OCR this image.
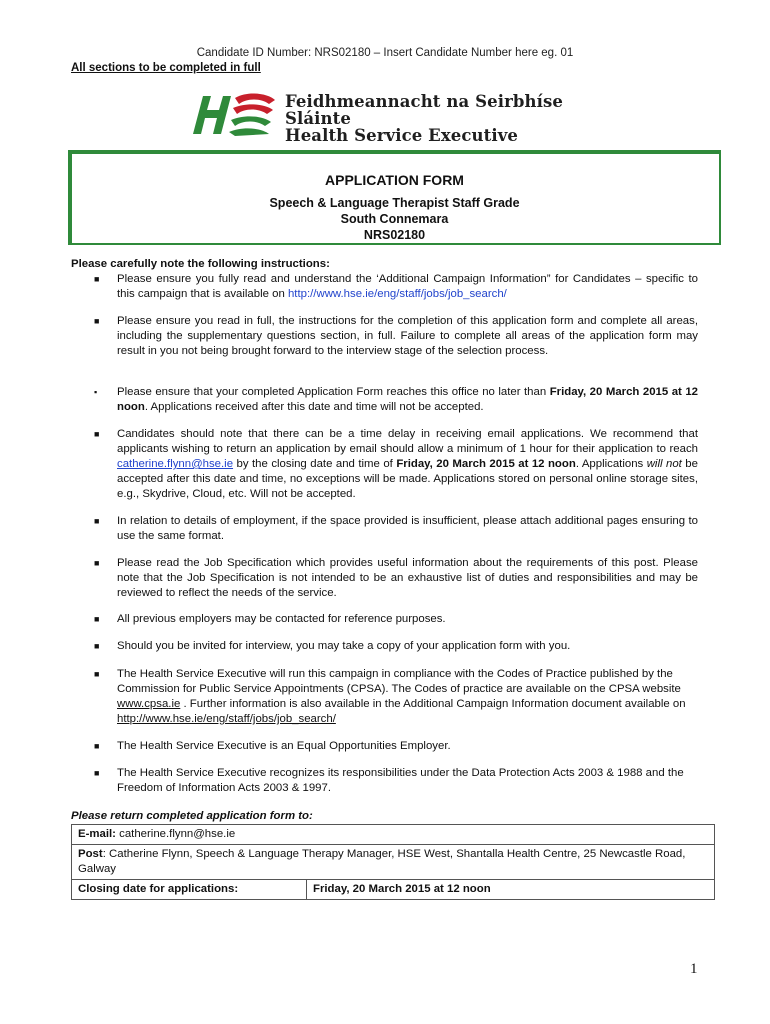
Candidate ID Number: NRS02180 – Insert Candidate Number here eg. 01
All sections to be completed in full
Feidhmeannacht na Seirbhíse Sláinte
Health Service Executive
APPLICATION FORM
Speech & Language Therapist Staff Grade
South Connemara
NRS02180
Please carefully note the following instructions:
■ Please ensure you fully read and understand the ‘Additional Campaign Information” for Candidates – specific to this campaign that is available on http://www.hse.ie/eng/staff/jobs/job_search/
■ Please ensure you read in full, the instructions for the completion of this application form and complete all areas, including the supplementary questions section, in full. Failure to complete all areas of the application form may result in you not being brought forward to the interview stage of the selection process.
▪ Please ensure that your completed Application Form reaches this office no later than Friday, 20 March 2015 at 12 noon. Applications received after this date and time will not be accepted.
■ Candidates should note that there can be a time delay in receiving email applications. We recommend that applicants wishing to return an application by email should allow a minimum of 1 hour for their application to reach catherine.flynn@hse.ie by the closing date and time of Friday, 20 March 2015 at 12 noon. Applications will not be accepted after this date and time, no exceptions will be made. Applications stored on personal online storage sites, e.g., Skydrive, Cloud, etc. Will not be accepted.
■ In relation to details of employment, if the space provided is insufficient, please attach additional pages ensuring to use the same format.
■ Please read the Job Specification which provides useful information about the requirements of this post. Please note that the Job Specification is not intended to be an exhaustive list of duties and responsibilities and may be reviewed to reflect the needs of the service.
■ All previous employers may be contacted for reference purposes.
■ Should you be invited for interview, you may take a copy of your application form with you.
■ The Health Service Executive will run this campaign in compliance with the Codes of Practice published by the Commission for Public Service Appointments (CPSA). The Codes of practice are available on the CPSA website www.cpsa.ie . Further information is also available in the Additional Campaign Information document available on http://www.hse.ie/eng/staff/jobs/job_search/
■ The Health Service Executive is an Equal Opportunities Employer.
■ The Health Service Executive recognizes its responsibilities under the Data Protection Acts 2003 & 1988 and the Freedom of Information Acts 2003 & 1997.
Please return completed application form to:
E-mail: catherine.flynn@hse.ie
Post: Catherine Flynn, Speech & Language Therapy Manager, HSE West, Shantalla Health Centre, 25 Newcastle Road, Galway
Closing date for applications:	Friday, 20 March 2015 at 12 noon
1
